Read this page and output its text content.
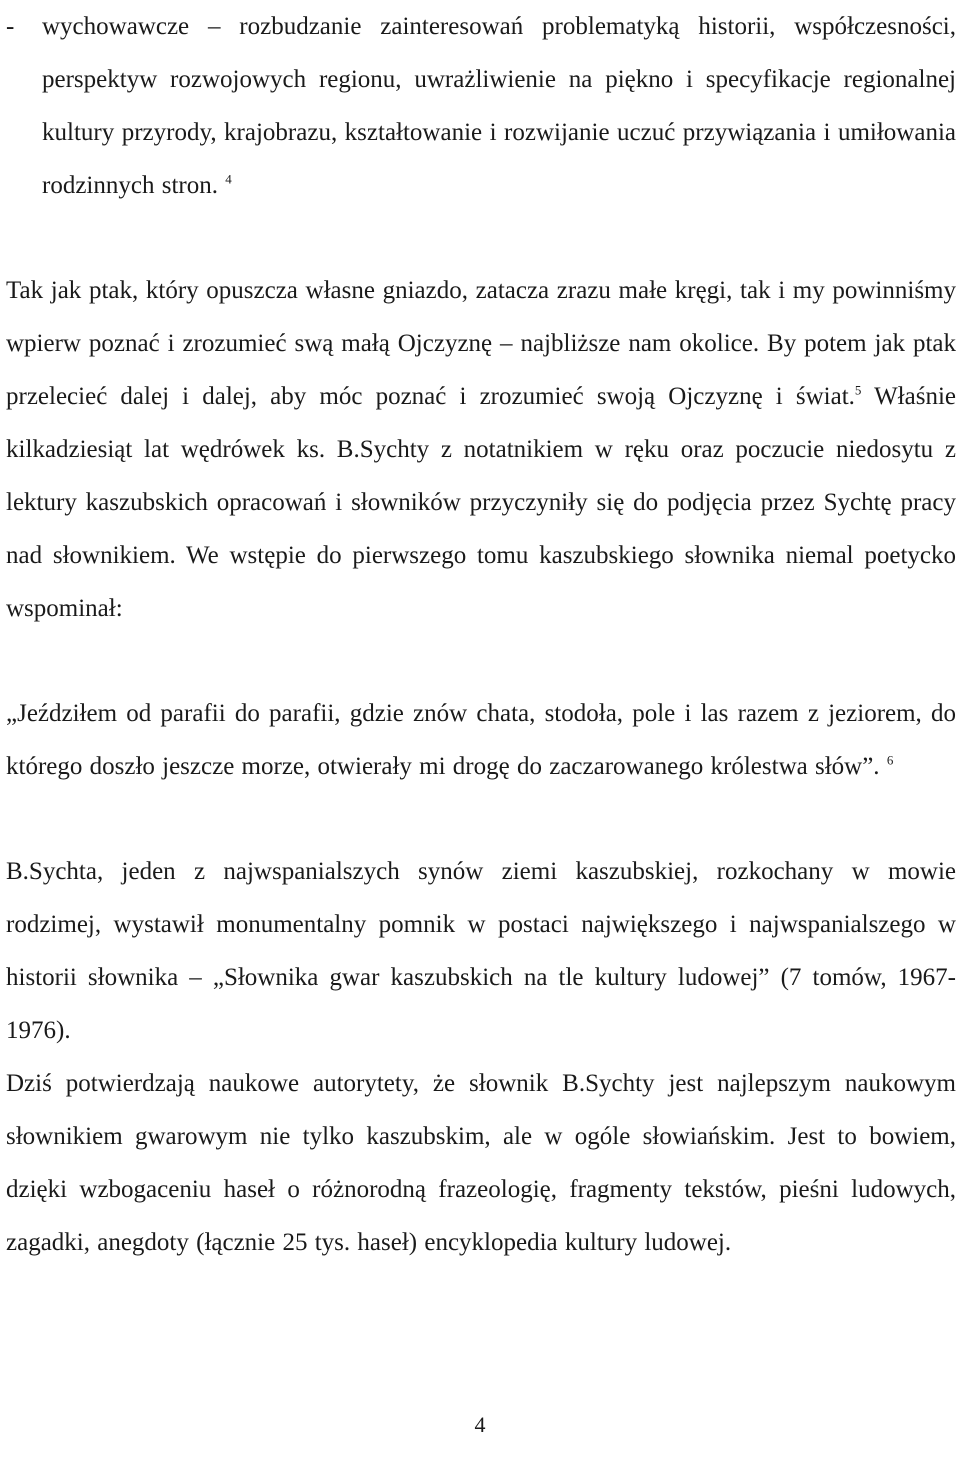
- wychowawcze – rozbudzanie zainteresowań problematyką historii, współczesności, perspektyw rozwojowych regionu, uwrażliwienie na piękno i specyfikacje regionalnej kultury przyrody, krajobrazu, kształtowanie i rozwijanie uczuć przywiązania i umiłowania rodzinnych stron. $^4$

Tak jak ptak, który opuszcza własne gniazdo, zatacza zrazu małe kręgi, tak i my powinniśmy wpierw poznać i zrozumieć swą małą Ojczyznę – najbliższe nam okolice. By potem jak ptak przelecieć dalej i dalej, aby móc poznać i zrozumieć swoją Ojczyznę i świat.$^5$ Właśnie kilkadziesiąt lat wędrówek ks. B.Sychty z notatnikiem w ręku oraz poczucie niedosytu z lektury kaszubskich opracowań i słowników przyczyniły się do podjęcia przez Sychtę pracy nad słownikiem. We wstępie do pierwszego tomu kaszubskiego słownika niemal poetycko wspominał:

„Jeździłem od parafii do parafii, gdzie znów chata, stodoła, pole i las razem z jeziorem, do którego doszło jeszcze morze, otwierały mi drogę do zaczarowanego królestwa słów”. $^6$

B.Sychta, jeden z najwspanialszych synów ziemi kaszubskiej, rozkochany w mowie rodzimej, wystawił monumentalny pomnik w postaci największego i najwspanialszego w historii słownika – „Słownika gwar kaszubskich na tle kultury ludowej” (7 tomów, 1967-1976).

Dziś potwierdzają naukowe autorytety, że słownik B.Sychty jest najlepszym naukowym słownikiem gwarowym nie tylko kaszubskim, ale w ogóle słowiańskim. Jest to bowiem, dzięki wzbogaceniu haseł o różnorodną frazeologię, fragmenty tekstów, pieśni ludowych, zagadki, anegdoty (łącznie 25 tys. haseł) encyklopedia kultury ludowej.

4
